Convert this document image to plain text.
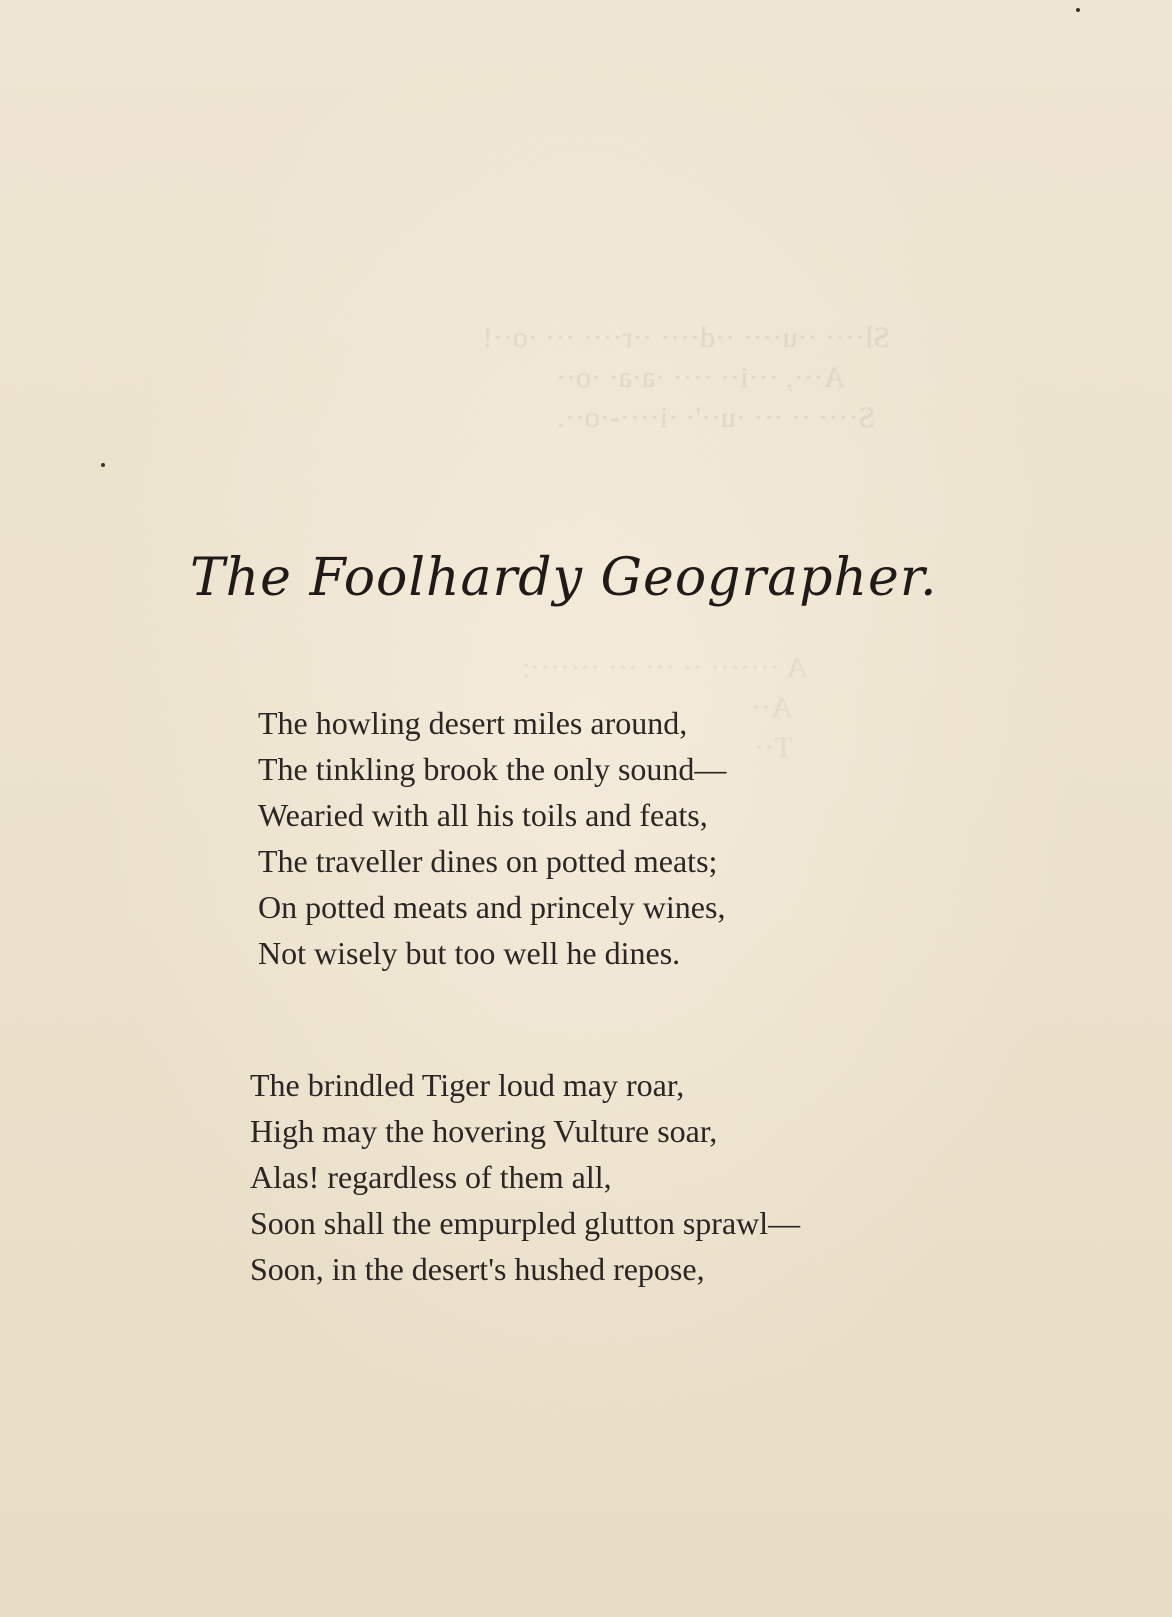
Sl···· ··u···· ··d···· ··r···· ··· ·o··!
A···, ···i·· ···· ·a·a· ·o··
S···· ·· ··· ·u··'· ·i····-·o··.
A ······· ·· ··· ··· ·······:
A··
T··
The Foolhardy Geographer.
The howling desert miles around,
The tinkling brook the only sound—
Wearied with all his toils and feats,
The traveller dines on potted meats;
On potted meats and princely wines,
Not wisely but too well he dines.
The brindled Tiger loud may roar,
High may the hovering Vulture soar,
Alas! regardless of them all,
Soon shall the empurpled glutton sprawl—
Soon, in the desert's hushed repose,
